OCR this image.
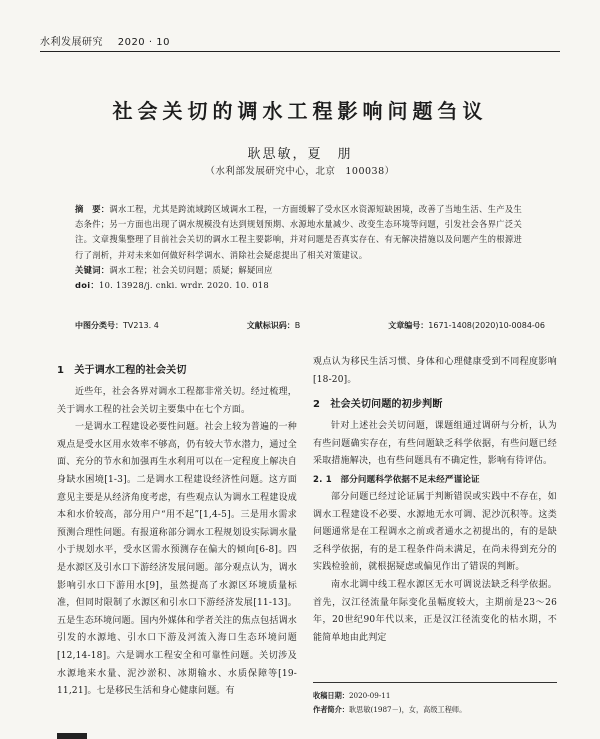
水利发展研究 2020 · 10
社会关切的调水工程影响问题刍议
耿思敏，夏　朋
（水利部发展研究中心，北京　100038）

摘　要：调水工程，尤其是跨流域跨区域调水工程，一方面缓解了受水区水资源短缺困境，改善了当地生活、生产及生态条件；另一方面也出现了调水规模没有达到规划预期、水源地水量减少、改变生态环境等问题，引发社会各界广泛关注。文章搜集整理了目前社会关切的调水工程主要影响，并对问题是否真实存在、有无解决措施以及问题产生的根源进行了剖析，并对未来如何做好科学调水、消除社会疑虑提出了相关对策建议。

关键词：调水工程；社会关切问题；质疑；解疑回应

doi：10. 13928/j. cnki. wrdr. 2020. 10. 018

中图分类号：TV213. 4	文献标识码：B	文章编号：1671-1408(2020)10-0084-06
1　关于调水工程的社会关切

近些年，社会各界对调水工程都非常关切。经过梳理，关于调水工程的社会关切主要集中在七个方面。

一是调水工程建设必要性问题。社会上较为普遍的一种观点是受水区用水效率不够高，仍有较大节水潜力，通过全面、充分的节水和加强再生水利用可以在一定程度上解决自身缺水困境[1-3]。二是调水工程建设经济性问题。这方面意见主要是从经济角度考虑，有些观点认为调水工程建设成本和水价较高，部分用户“用不起”[1,4-5]。三是用水需求预测合理性问题。有报道称部分调水工程规划设实际调水量小于规划水平，受水区需水预测存在偏大的倾向[6-8]。四是水源区及引水口下游经济发展问题。部分观点认为，调水影响引水口下游用水[9]，虽然提高了水源区环境质量标准，但同时限制了水源区和引水口下游经济发展[11-13]。五是生态环境问题。国内外媒体和学者关注的焦点包括调水引发的水源地、引水口下游及河流入海口生态环境问题[12,14-18]。六是调水工程安全和可靠性问题。关切涉及水源地来水量、泥沙淤积、冰期输水、水质保障等[19-11,21]。七是移民生活和身心健康问题。有

观点认为移民生活习惯、身体和心理健康受到不同程度影响[18-20]。

2　社会关切问题的初步判断

针对上述社会关切问题，课题组通过调研与分析，认为有些问题确实存在，有些问题缺乏科学依据，有些问题已经采取措施解决，也有些问题具有不确定性，影响有待评估。

2. 1　部分问题科学依据不足未经严谨论证

部分问题已经过论证属于判断错误或实践中不存在，如调水工程建设不必要、水源地无水可调、泥沙沉积等。这类问题通常是在工程调水之前或者通水之初提出的，有的是缺乏科学依据，有的是工程条件尚未满足，在尚未得到充分的实践检验前，就根据疑虑或偏见作出了错误的判断。

南水北调中线工程水源区无水可调说法缺乏科学依据。首先，汉江径流量年际变化虽幅度较大，主期前是23～26年，20世纪90年代以来，正是汉江径流变化的枯水期，不能简单地由此判定

收稿日期：2020-09-11

作者简介：耿思敏(1987－)，女，高级工程师。
